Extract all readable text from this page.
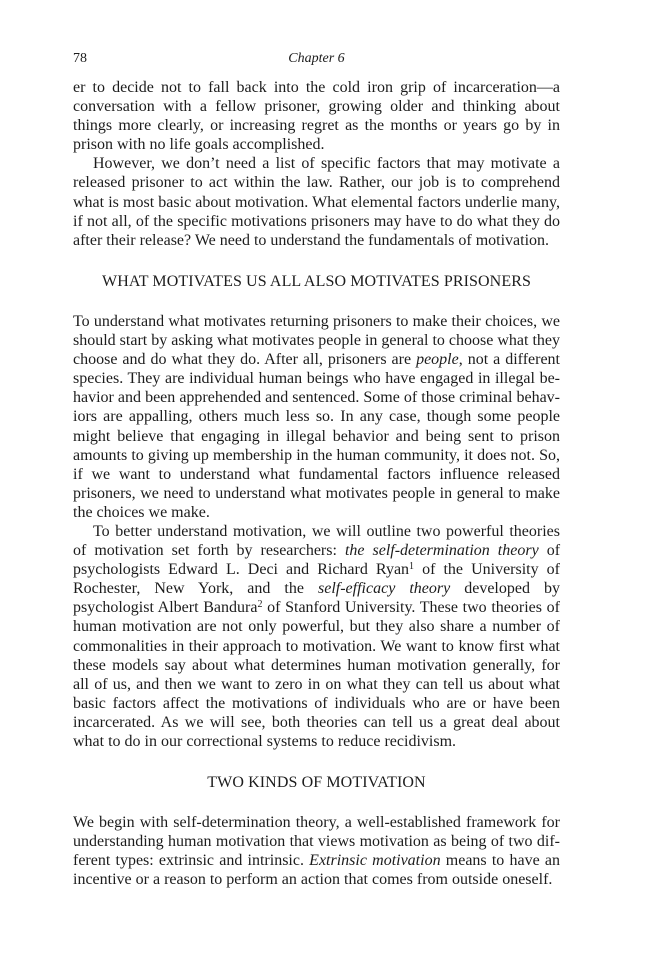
78	Chapter 6

er to decide not to fall back into the cold iron grip of incarceration—a conversation with a fellow prisoner, growing older and thinking about things more clearly, or increasing regret as the months or years go by in prison with no life goals accomplished.

However, we don’t need a list of specific factors that may motivate a released prisoner to act within the law. Rather, our job is to comprehend what is most basic about motivation. What elemental factors underlie many, if not all, of the specific motivations prisoners may have to do what they do after their release? We need to understand the fundamentals of motivation.

WHAT MOTIVATES US ALL ALSO MOTIVATES PRISONERS

To understand what motivates returning prisoners to make their choices, we should start by asking what motivates people in general to choose what they choose and do what they do. After all, prisoners are people, not a different species. They are individual human beings who have engaged in illegal behavior and been apprehended and sentenced. Some of those criminal behaviors are appalling, others much less so. In any case, though some people might believe that engaging in illegal behavior and being sent to prison amounts to giving up membership in the human community, it does not. So, if we want to understand what fundamental factors influence released prisoners, we need to understand what motivates people in general to make the choices we make.

To better understand motivation, we will outline two powerful theories of motivation set forth by researchers: the self-determination theory of psychologists Edward L. Deci and Richard Ryan$^1$ of the University of Rochester, New York, and the self-efficacy theory developed by psychologist Albert Bandura$^2$ of Stanford University. These two theories of human motivation are not only powerful, but they also share a number of commonalities in their approach to motivation. We want to know first what these models say about what determines human motivation generally, for all of us, and then we want to zero in on what they can tell us about what basic factors affect the motivations of individuals who are or have been incarcerated. As we will see, both theories can tell us a great deal about what to do in our correctional systems to reduce recidivism.

TWO KINDS OF MOTIVATION

We begin with self-determination theory, a well-established framework for understanding human motivation that views motivation as being of two different types: extrinsic and intrinsic. Extrinsic motivation means to have an incentive or a reason to perform an action that comes from outside oneself.
